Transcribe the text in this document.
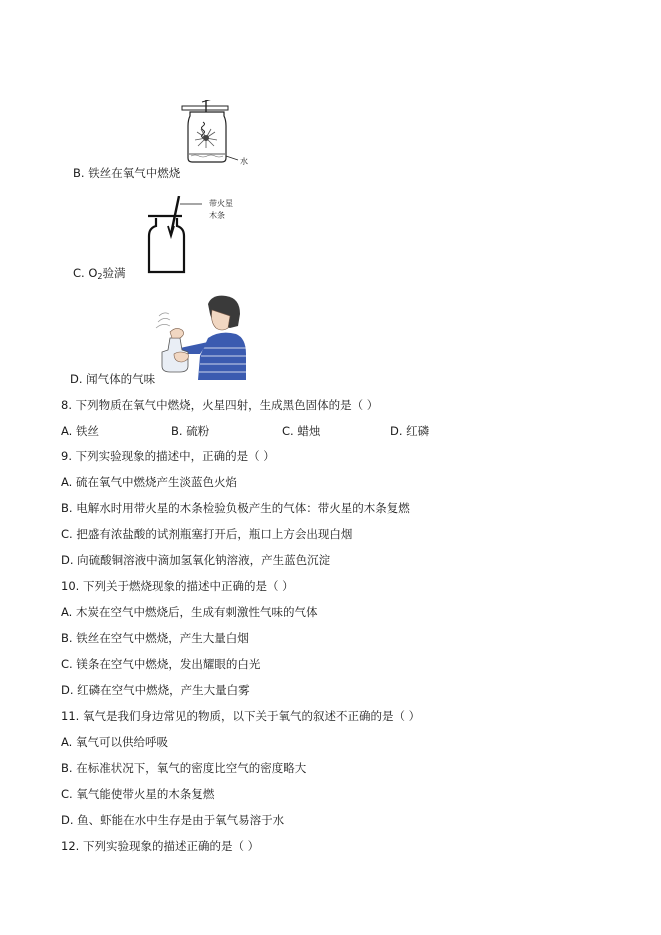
水
B. 铁丝在氧气中燃烧
带火星
木条
C. $O_2$验满
D. 闻气体的气味
8. 下列物质在氧气中燃烧，火星四射，生成黑色固体的是（ ）
A. 铁丝	B. 硫粉	C. 蜡烛	D. 红磷
9. 下列实验现象的描述中，正确的是（ ）
A. 硫在氧气中燃烧产生淡蓝色火焰
B. 电解水时用带火星的木条检验负极产生的气体：带火星的木条复燃
C. 把盛有浓盐酸的试剂瓶塞打开后，瓶口上方会出现白烟
D. 向硫酸铜溶液中滴加氢氧化钠溶液，产生蓝色沉淀
10. 下列关于燃烧现象的描述中正确的是（ ）
A. 木炭在空气中燃烧后，生成有刺激性气味的气体
B. 铁丝在空气中燃烧，产生大量白烟
C. 镁条在空气中燃烧，发出耀眼的白光
D. 红磷在空气中燃烧，产生大量白雾
11. 氧气是我们身边常见的物质，以下关于氧气的叙述不正确的是（ ）
A. 氧气可以供给呼吸
B. 在标准状况下，氧气的密度比空气的密度略大
C. 氧气能使带火星的木条复燃
D. 鱼、虾能在水中生存是由于氧气易溶于水
12. 下列实验现象的描述正确的是（ ）
